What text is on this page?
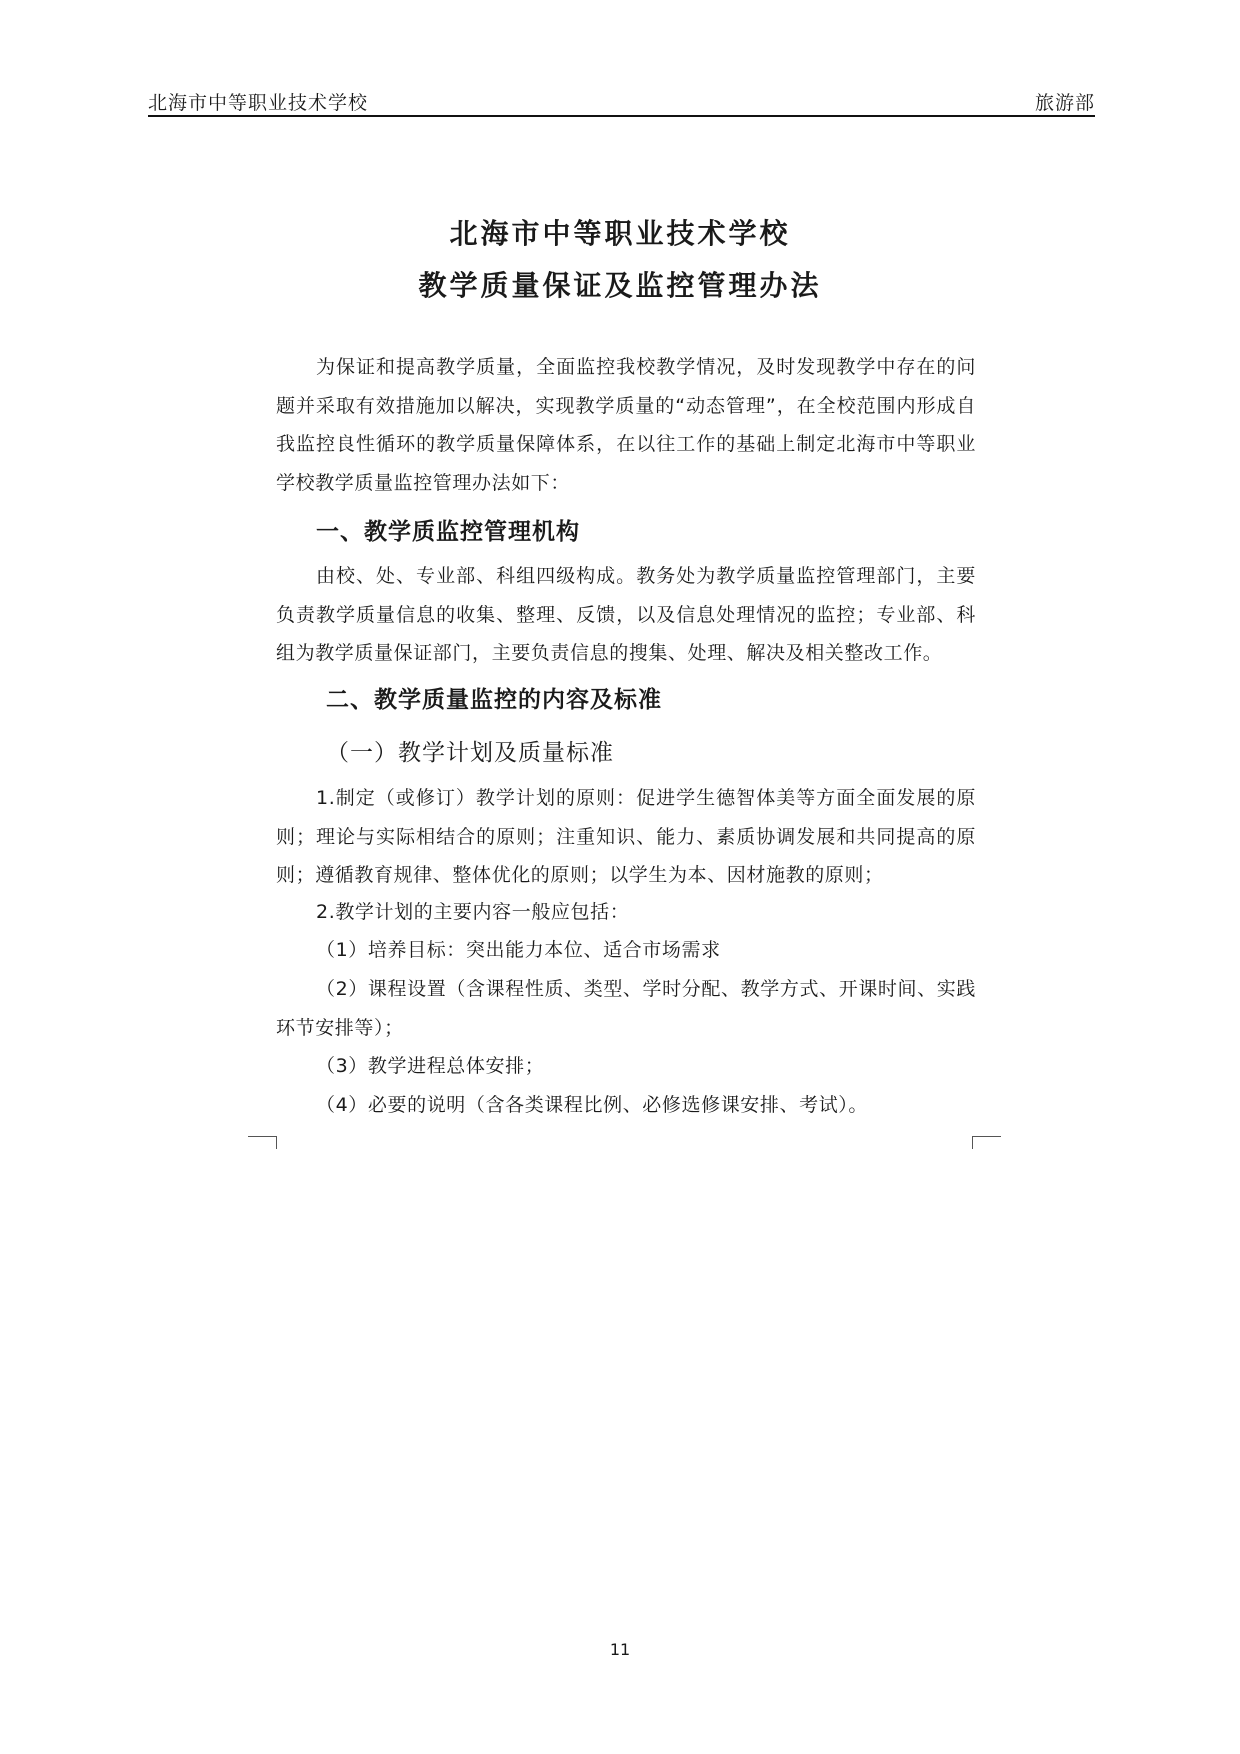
北海市中等职业技术学校	旅游部
北海市中等职业技术学校
教学质量保证及监控管理办法

为保证和提高教学质量，全面监控我校教学情况，及时发现教学中存在的问题并采取有效措施加以解决，实现教学质量的“动态管理”，在全校范围内形成自我监控良性循环的教学质量保障体系，在以往工作的基础上制定北海市中等职业学校教学质量监控管理办法如下：

一、教学质监控管理机构

由校、处、专业部、科组四级构成。教务处为教学质量监控管理部门，主要负责教学质量信息的收集、整理、反馈，以及信息处理情况的监控；专业部、科组为教学质量保证部门，主要负责信息的搜集、处理、解决及相关整改工作。

二、教学质量监控的内容及标准
（一）教学计划及质量标准

1.制定（或修订）教学计划的原则：促进学生德智体美等方面全面发展的原则；理论与实际相结合的原则；注重知识、能力、素质协调发展和共同提高的原则；遵循教育规律、整体优化的原则；以学生为本、因材施教的原则；

2.教学计划的主要内容一般应包括：
（1）培养目标：突出能力本位、适合市场需求

（2）课程设置（含课程性质、类型、学时分配、教学方式、开课时间、实践环节安排等）；

（3）教学进程总体安排；
（4）必要的说明（含各类课程比例、必修选修课安排、考试）。
11
